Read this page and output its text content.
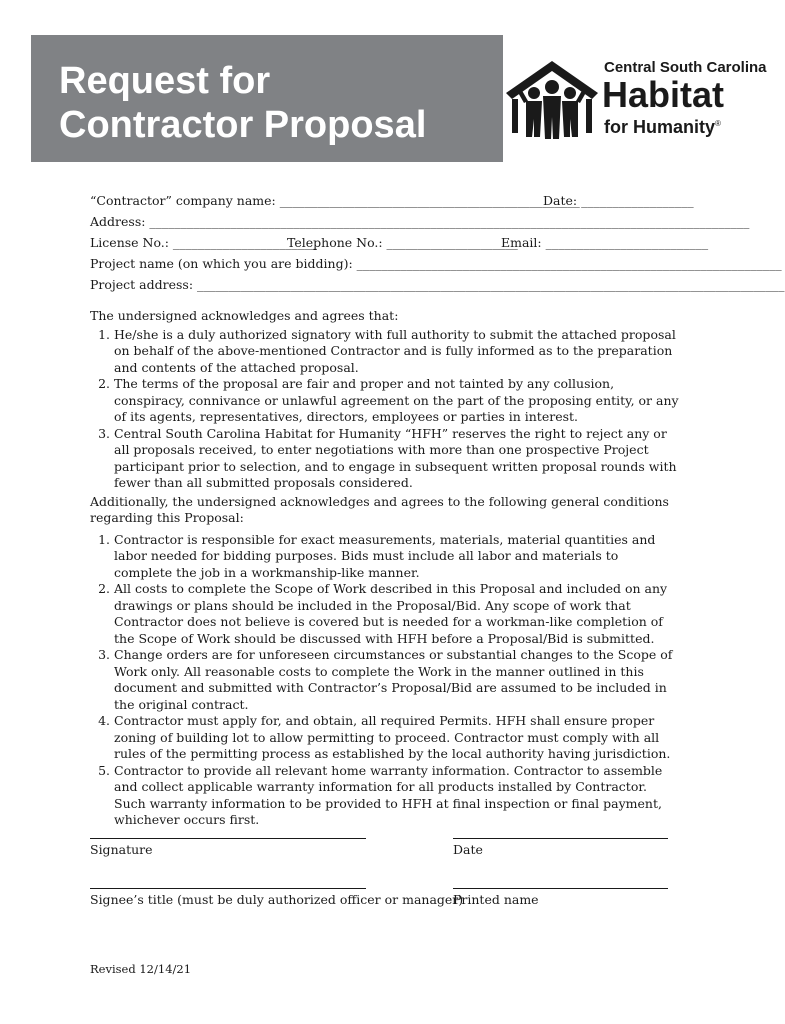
Request for
Contractor Proposal
Central South Carolina
Habitat
for Humanity®
“Contractor” company name: ________________________________________________
Date: __________________
Address: ________________________________________________________________________________________________
License No.: _______________________
Telephone No.: _____________________
Email: __________________________
Project name (on which you are bidding): ____________________________________________________________________
Project address: ______________________________________________________________________________________________

The undersigned acknowledges and agrees that:

1. He/she is a duly authorized signatory with full authority to submit the attached proposal on behalf of the above-mentioned Contractor and is fully informed as to the preparation and contents of the attached proposal.
2. The terms of the proposal are fair and proper and not tainted by any collusion, conspiracy, connivance or unlawful agreement on the part of the proposing entity, or any of its agents, representatives, directors, employees or parties in interest.
3. Central South Carolina Habitat for Humanity “HFH” reserves the right to reject any or all proposals received, to enter negotiations with more than one prospective Project participant prior to selection, and to engage in subsequent written proposal rounds with fewer than all submitted proposals considered.

Additionally, the undersigned acknowledges and agrees to the following general conditions regarding this Proposal:

1. Contractor is responsible for exact measurements, materials, material quantities and labor needed for bidding purposes. Bids must include all labor and materials to complete the job in a workmanship-like manner.
2. All costs to complete the Scope of Work described in this Proposal and included on any drawings or plans should be included in the Proposal/Bid. Any scope of work that Contractor does not believe is covered but is needed for a workman-like completion of the Scope of Work should be discussed with HFH before a Proposal/Bid is submitted.
3. Change orders are for unforeseen circumstances or substantial changes to the Scope of Work only. All reasonable costs to complete the Work in the manner outlined in this document and submitted with Contractor’s Proposal/Bid are assumed to be included in the original contract.
4. Contractor must apply for, and obtain, all required Permits. HFH shall ensure proper zoning of building lot to allow permitting to proceed. Contractor must comply with all rules of the permitting process as established by the local authority having jurisdiction.
5. Contractor to provide all relevant home warranty information. Contractor to assemble and collect applicable warranty information for all products installed by Contractor. Such warranty information to be provided to HFH at final inspection or final payment, whichever occurs first.
Signature	Date
Signee’s title (must be duly authorized officer or manager)
Printed name
Revised 12/14/21
